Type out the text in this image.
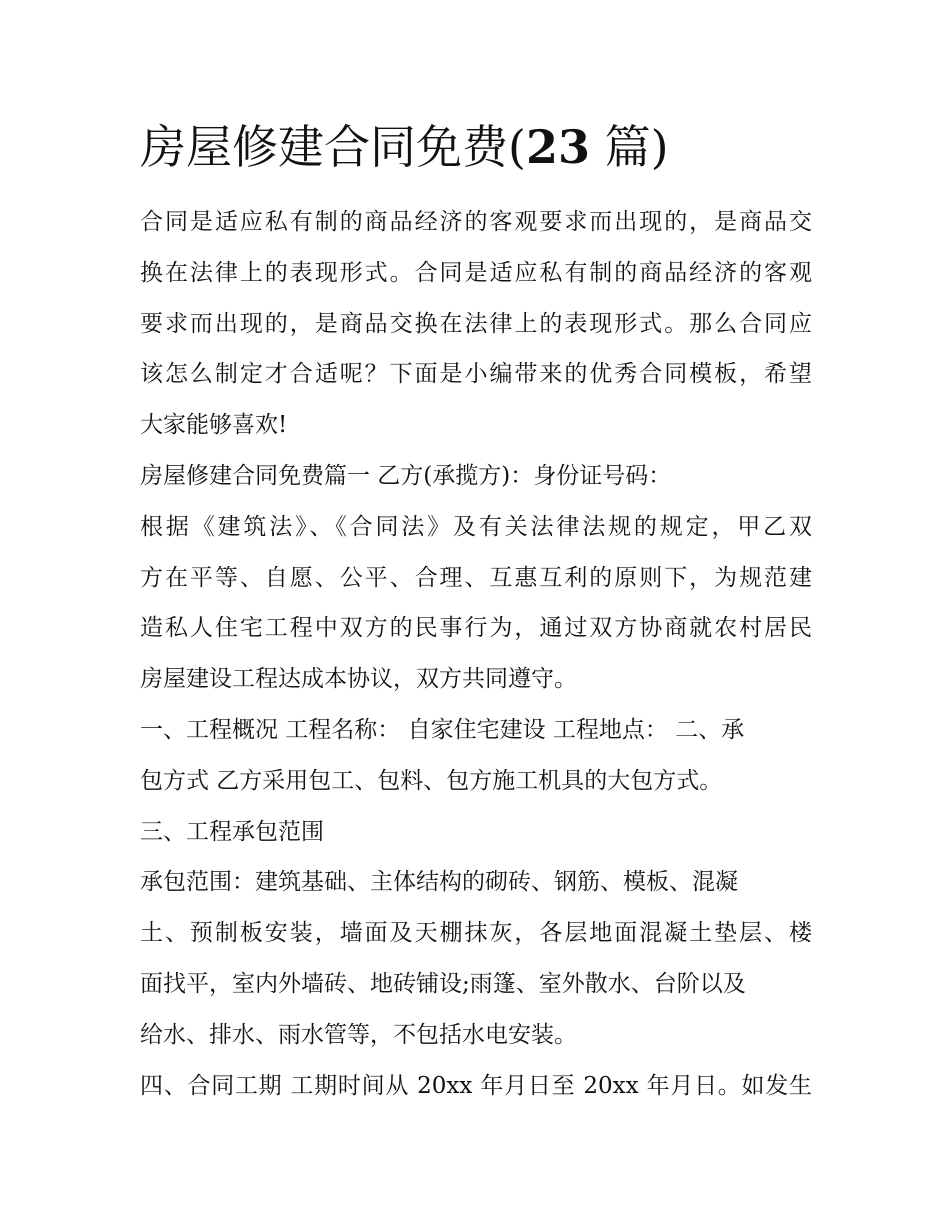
房屋修建合同免费(23 篇)
合同是适应私有制的商品经济的客观要求而出现的，是商品交
换在法律上的表现形式。合同是适应私有制的商品经济的客观
要求而出现的，是商品交换在法律上的表现形式。那么合同应
该怎么制定才合适呢？下面是小编带来的优秀合同模板，希望
大家能够喜欢!
房屋修建合同免费篇一 乙方(承揽方)：身份证号码：
根据《建筑法》、《合同法》及有关法律法规的规定，甲乙双
方在平等、自愿、公平、合理、互惠互利的原则下，为规范建
造私人住宅工程中双方的民事行为，通过双方协商就农村居民
房屋建设工程达成本协议，双方共同遵守。
一、工程概况 工程名称： 自家住宅建设 工程地点： 二、承
包方式 乙方采用包工、包料、包方施工机具的大包方式。
三、工程承包范围
承包范围：建筑基础、主体结构的砌砖、钢筋、模板、混凝
土、预制板安装，墙面及天棚抹灰，各层地面混凝土垫层、楼
面找平，室内外墙砖、地砖铺设;雨篷、室外散水、台阶以及
给水、排水、雨水管等，不包括水电安装。
四、合同工期 工期时间从 20xx 年月日至 20xx 年月日。如发生
